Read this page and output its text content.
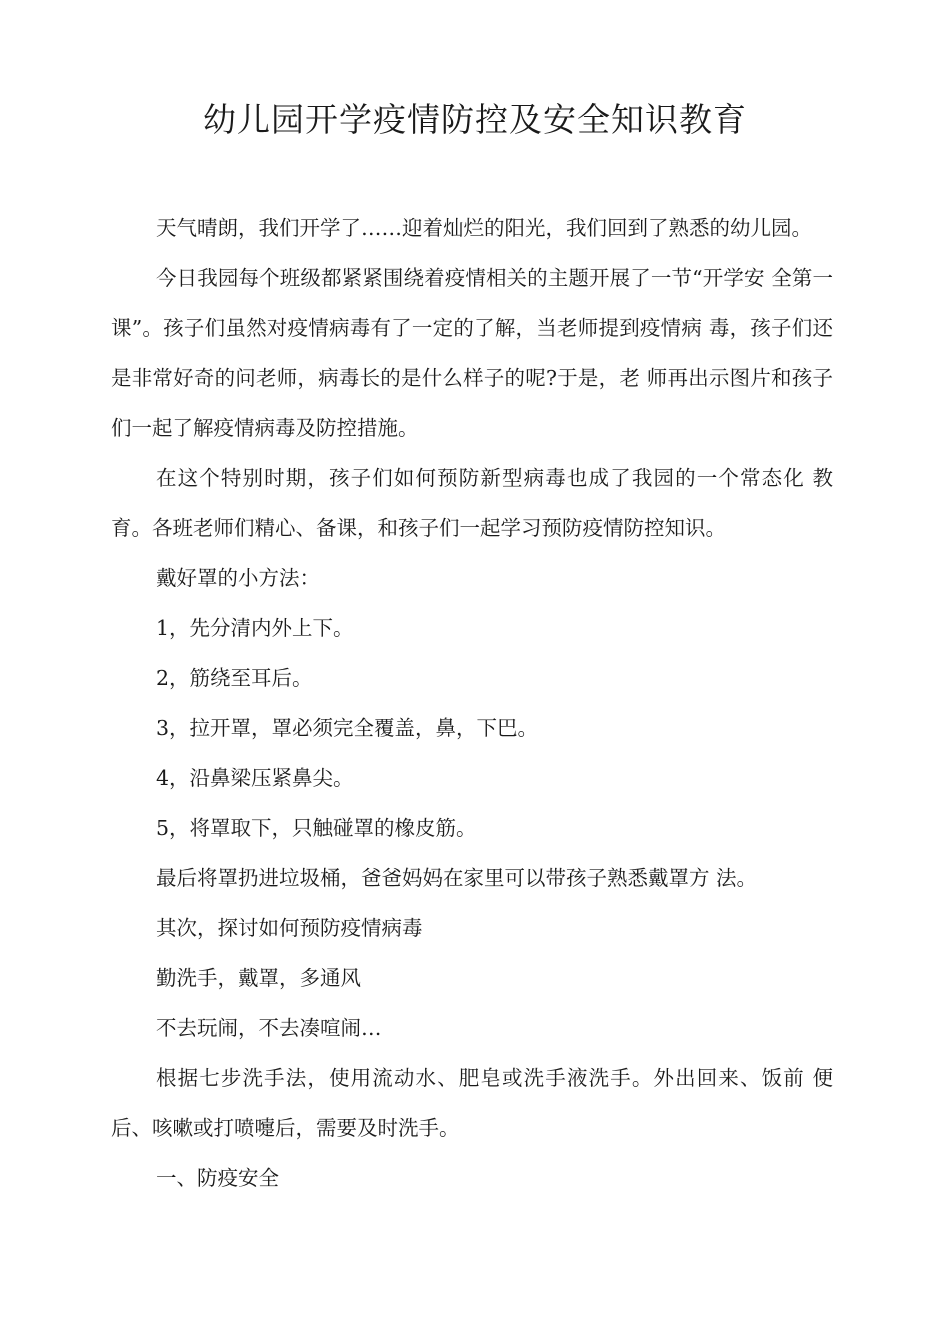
幼儿园开学疫情防控及安全知识教育

天气晴朗，我们开学了……迎着灿烂的阳光，我们回到了熟悉的幼儿园。

今日我园每个班级都紧紧围绕着疫情相关的主题开展了一节“开学安 全第一课”。孩子们虽然对疫情病毒有了一定的了解，当老师提到疫情病 毒，孩子们还是非常好奇的问老师，病毒长的是什么样子的呢?于是，老 师再出示图片和孩子们一起了解疫情病毒及防控措施。

在这个特别时期，孩子们如何预防新型病毒也成了我园的一个常态化 教育。各班老师们精心、备课，和孩子们一起学习预防疫情防控知识。

戴好罩的小方法：

1，先分清内外上下。

2，筋绕至耳后。

3，拉开罩，罩必须完全覆盖，鼻，下巴。

4，沿鼻梁压紧鼻尖。

5，将罩取下，只触碰罩的橡皮筋。

最后将罩扔进垃圾桶，爸爸妈妈在家里可以带孩子熟悉戴罩方 法。

其次，探讨如何预防疫情病毒

勤洗手，戴罩，多通风

不去玩闹，不去凑喧闹…

根据七步洗手法，使用流动水、肥皂或洗手液洗手。外出回来、饭前 便后、咳嗽或打喷嚏后，需要及时洗手。

一、防疫安全
